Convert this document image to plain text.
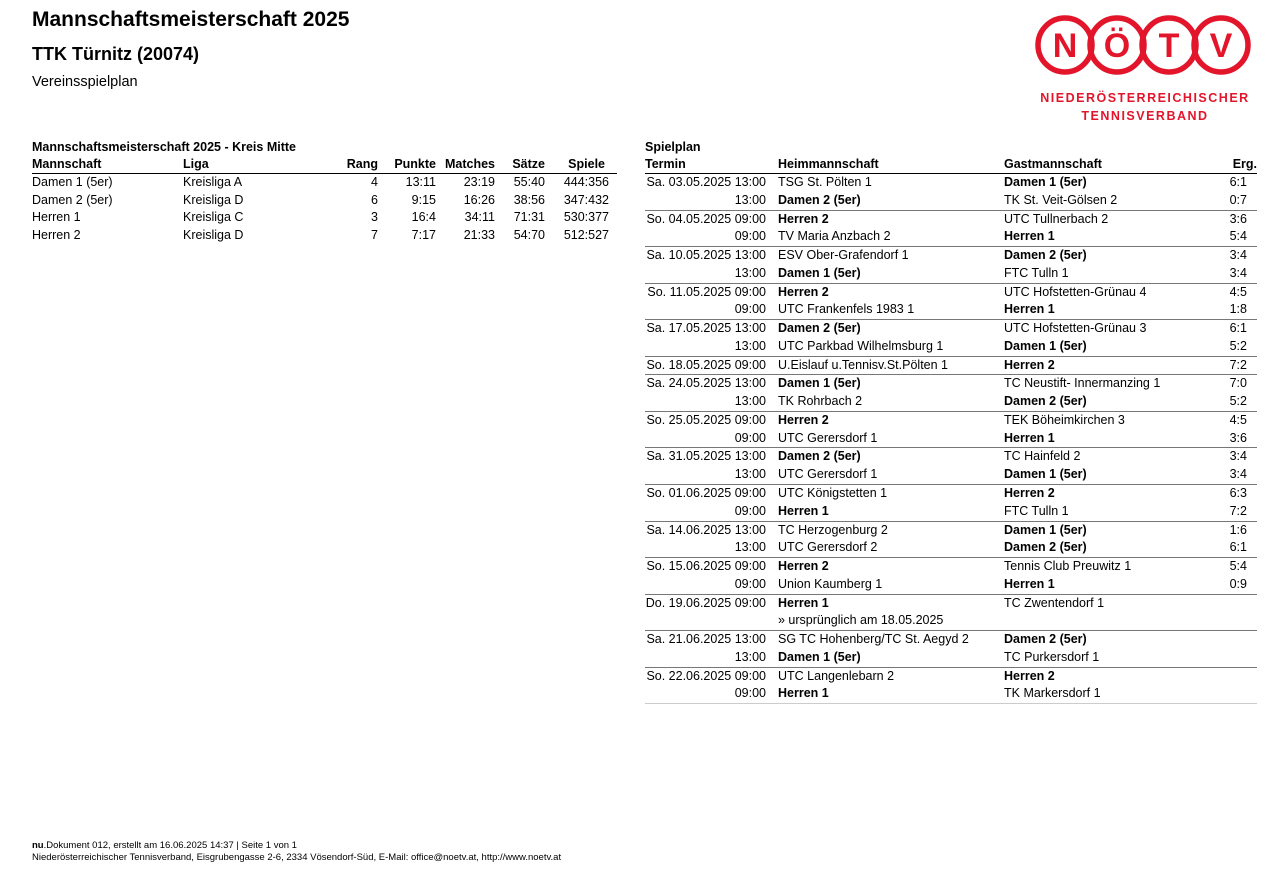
Mannschaftsmeisterschaft 2025
TTK Türnitz (20074)
Vereinsspielplan
N Ö T V
NIEDERÖSTERREICHISCHER
TENNISVERBAND
Mannschaftsmeisterschaft 2025 - Kreis Mitte
Mannschaft	Liga	Rang	Punkte	Matches	Sätze	Spiele
Damen 1 (5er)	Kreisliga A	4	13:11	23:19	55:40	444:356
Damen 2 (5er)	Kreisliga D	6	9:15	16:26	38:56	347:432
Herren 1	Kreisliga C	3	16:4	34:11	71:31	530:377
Herren 2	Kreisliga D	7	7:17	21:33	54:70	512:527
Spielplan
Termin	Heimmannschaft	Gastmannschaft	Erg.
Sa. 03.05.2025 13:00	TSG St. Pölten 1	Damen 1 (5er)	6:1
13:00	Damen 2 (5er)	TK St. Veit-Gölsen 2	0:7
So. 04.05.2025 09:00	Herren 2	UTC Tullnerbach 2	3:6
09:00	TV Maria Anzbach 2	Herren 1	5:4
Sa. 10.05.2025 13:00	ESV Ober-Grafendorf 1	Damen 2 (5er)	3:4
13:00	Damen 1 (5er)	FTC Tulln 1	3:4
So. 11.05.2025 09:00	Herren 2	UTC Hofstetten-Grünau 4	4:5
09:00	UTC Frankenfels 1983 1	Herren 1	1:8
Sa. 17.05.2025 13:00	Damen 2 (5er)	UTC Hofstetten-Grünau 3	6:1
13:00	UTC Parkbad Wilhelmsburg 1	Damen 1 (5er)	5:2
So. 18.05.2025 09:00	U.Eislauf u.Tennisv.St.Pölten 1	Herren 2	7:2
Sa. 24.05.2025 13:00	Damen 1 (5er)	TC Neustift- Innermanzing 1	7:0
13:00	TK Rohrbach 2	Damen 2 (5er)	5:2
So. 25.05.2025 09:00	Herren 2	TEK Böheimkirchen 3	4:5
09:00	UTC Gerersdorf 1	Herren 1	3:6
Sa. 31.05.2025 13:00	Damen 2 (5er)	TC Hainfeld 2	3:4
13:00	UTC Gerersdorf 1	Damen 1 (5er)	3:4
So. 01.06.2025 09:00	UTC Königstetten 1	Herren 2	6:3
09:00	Herren 1	FTC Tulln 1	7:2
Sa. 14.06.2025 13:00	TC Herzogenburg 2	Damen 1 (5er)	1:6
13:00	UTC Gerersdorf 2	Damen 2 (5er)	6:1
So. 15.06.2025 09:00	Herren 2	Tennis Club Preuwitz 1	5:4
09:00	Union Kaumberg 1	Herren 1	0:9
Do. 19.06.2025 09:00	Herren 1	TC Zwentendorf 1	
	» ursprünglich am 18.05.2025		
Sa. 21.06.2025 13:00	SG TC Hohenberg/TC St. Aegyd 2	Damen 2 (5er)	
13:00	Damen 1 (5er)	TC Purkersdorf 1	
So. 22.06.2025 09:00	UTC Langenlebarn 2	Herren 2	
09:00	Herren 1	TK Markersdorf 1	
nu.Dokument 012, erstellt am 16.06.2025 14:37 | Seite 1 von 1
Niederösterreichischer Tennisverband, Eisgrubengasse 2-6, 2334 Vösendorf-Süd, E-Mail: office@noetv.at, http://www.noetv.at
